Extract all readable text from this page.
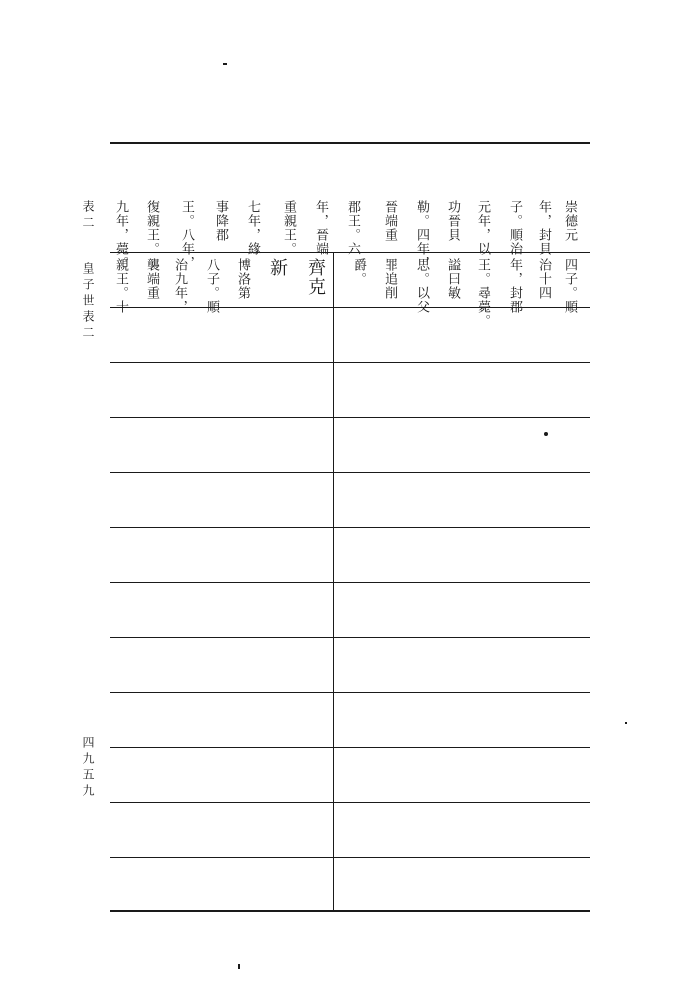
表二
皇子世表二
四九五九
崇德元
年，封貝
子。順治
元年，以
功晉貝
勒。四年，
晉端重
郡王。六
年，晉端
重親王。
七年，緣
事降郡
王。八年，
復親王。
九年，薨。
四子。順
治十四
年，封郡
王。尋薨。
謚曰敏
思。以父
罪追削
爵。
齊克
新
博洛第
八子。順
治九年，
襲端重
親王。十
